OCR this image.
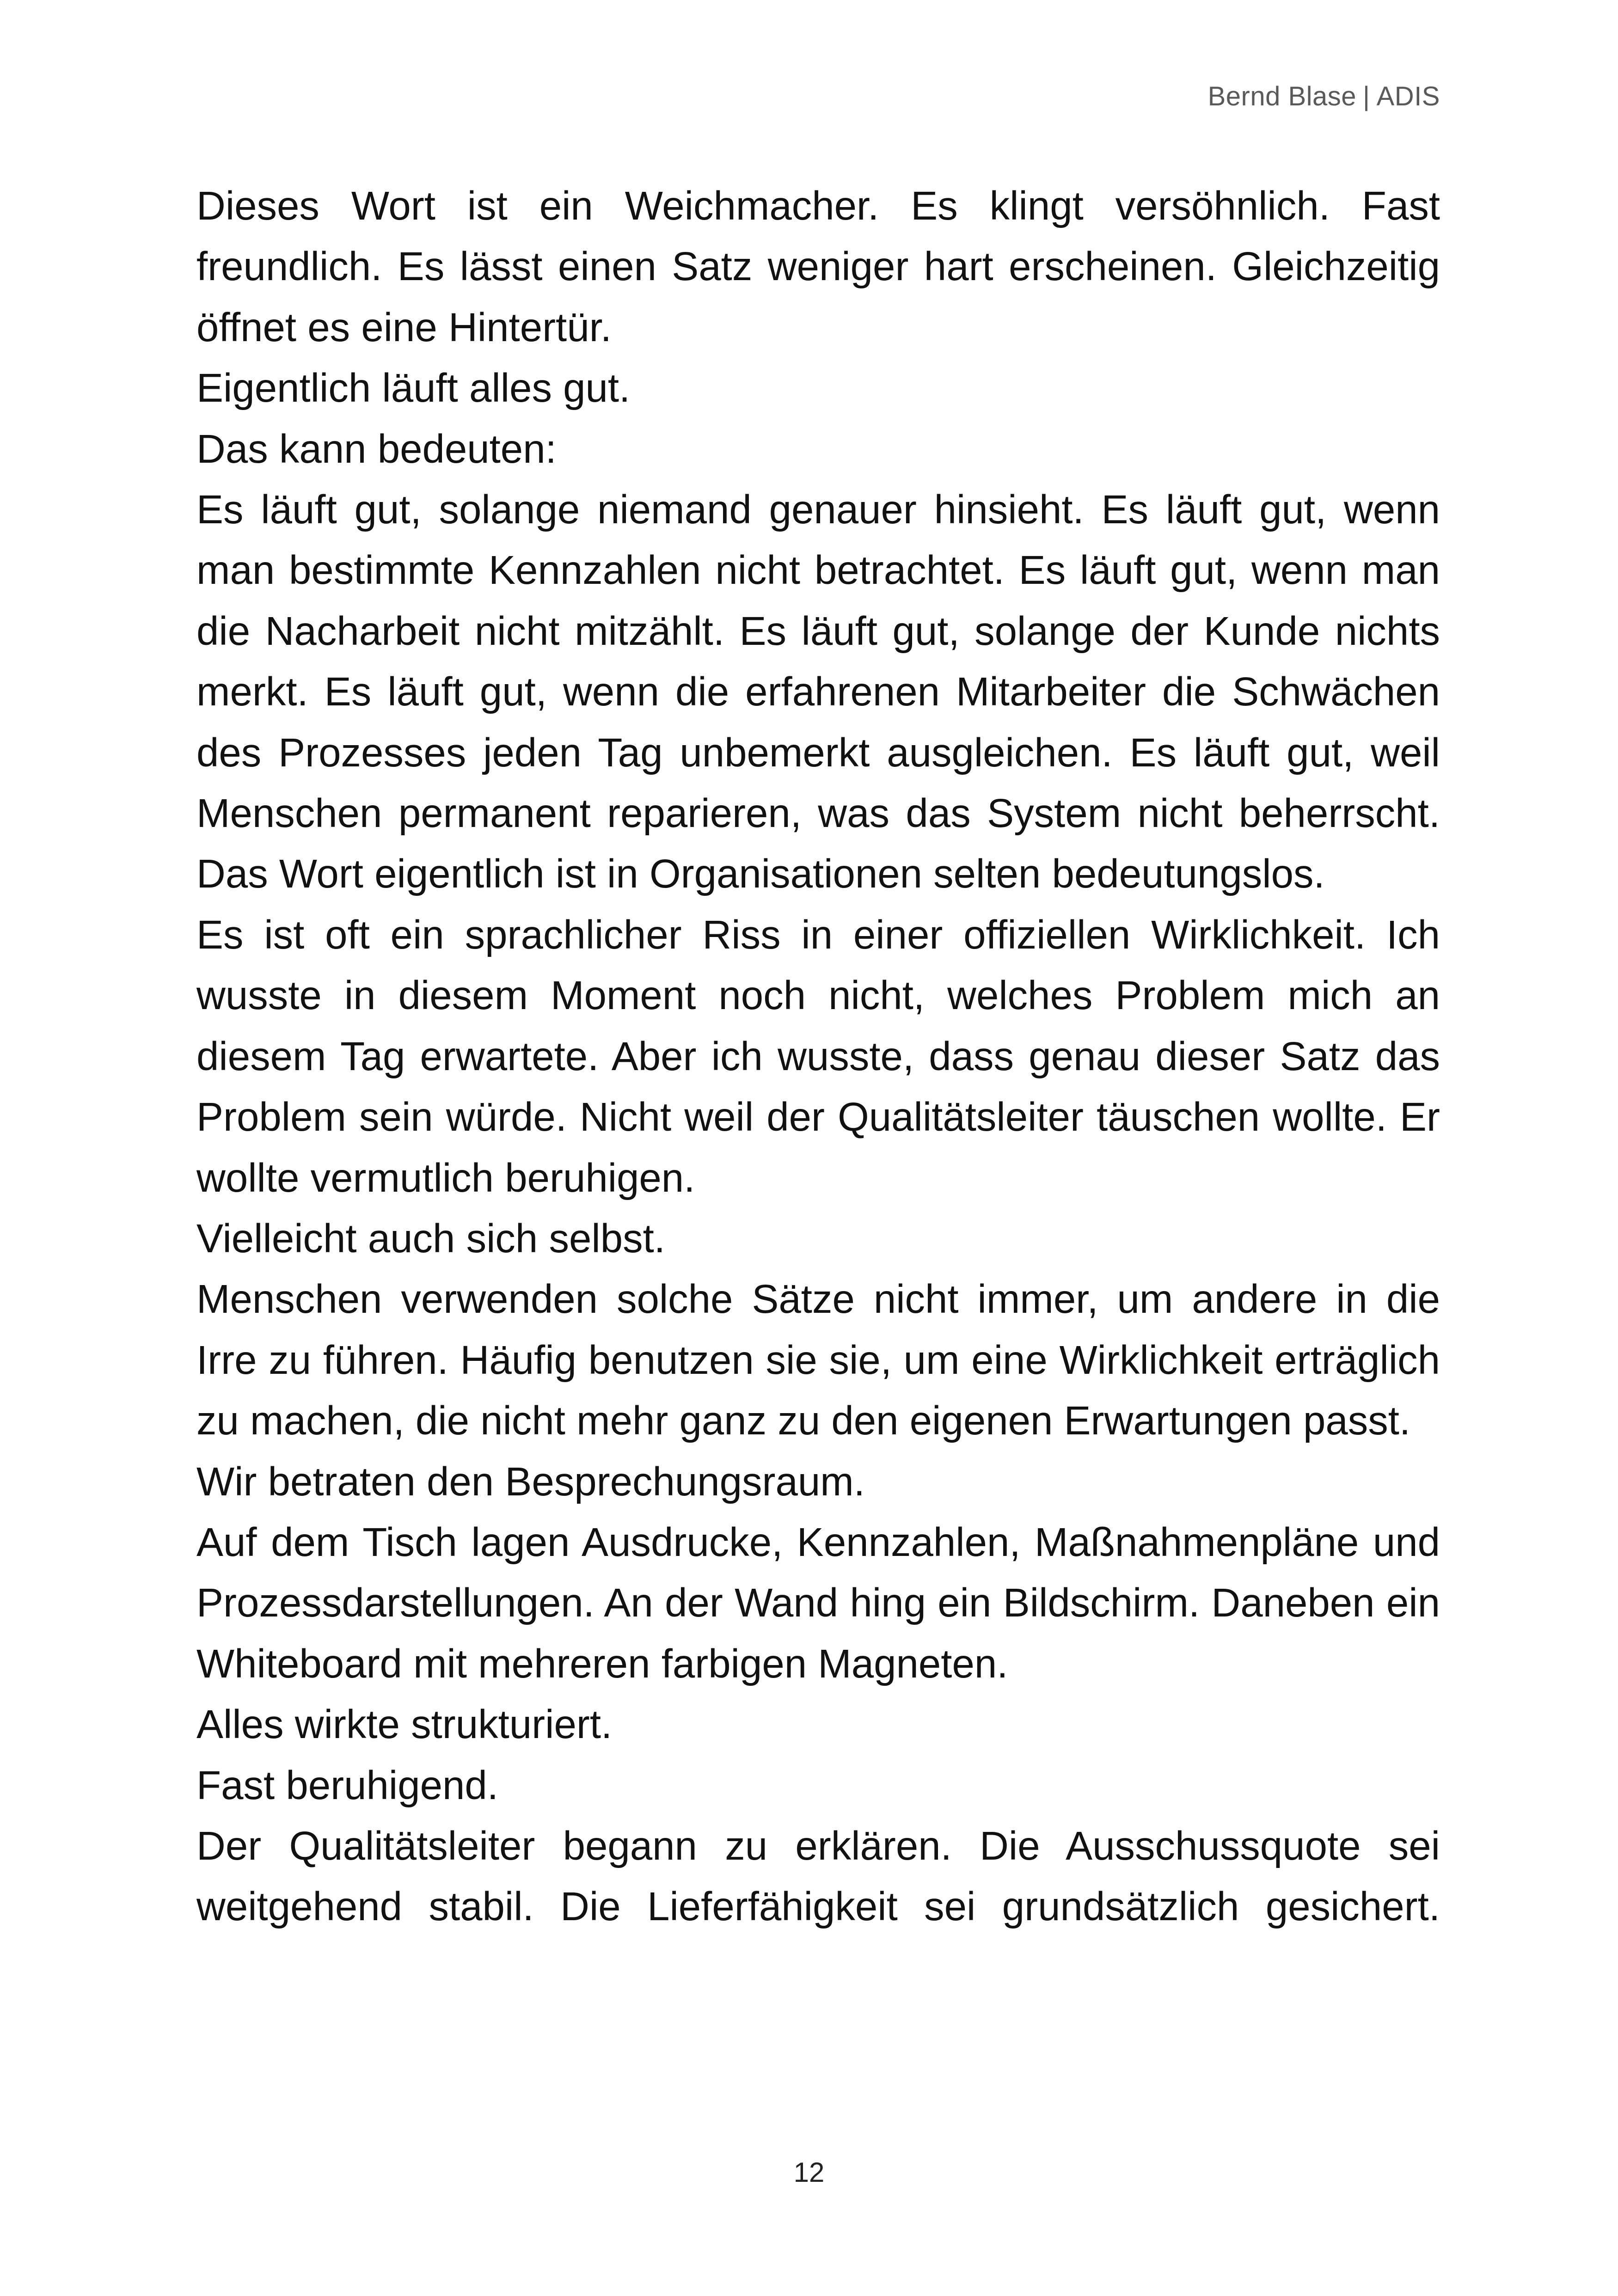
Bernd Blase | ADIS

Dieses Wort ist ein Weichmacher. Es klingt versöhnlich. Fast freundlich. Es lässt einen Satz weniger hart erscheinen. Gleichzeitig öffnet es eine Hintertür.

Eigentlich läuft alles gut.

Das kann bedeuten:

Es läuft gut, solange niemand genauer hinsieht. Es läuft gut, wenn man bestimmte Kennzahlen nicht betrachtet. Es läuft gut, wenn man die Nacharbeit nicht mitzählt. Es läuft gut, solange der Kunde nichts merkt. Es läuft gut, wenn die erfahrenen Mitarbeiter die Schwächen des Prozesses jeden Tag unbemerkt ausgleichen. Es läuft gut, weil Menschen permanent reparieren, was das System nicht beherrscht. Das Wort eigentlich ist in Organisationen selten bedeutungslos.

Es ist oft ein sprachlicher Riss in einer offiziellen Wirklichkeit. Ich wusste in diesem Moment noch nicht, welches Problem mich an diesem Tag erwartete. Aber ich wusste, dass genau dieser Satz das Problem sein würde. Nicht weil der Qualitätsleiter täuschen wollte. Er wollte vermutlich beruhigen.

Vielleicht auch sich selbst.

Menschen verwenden solche Sätze nicht immer, um andere in die Irre zu führen. Häufig benutzen sie sie, um eine Wirklichkeit erträglich zu machen, die nicht mehr ganz zu den eigenen Erwartungen passt.

Wir betraten den Besprechungsraum.

Auf dem Tisch lagen Ausdrucke, Kennzahlen, Maßnahmenpläne und Prozessdarstellungen. An der Wand hing ein Bildschirm. Daneben ein Whiteboard mit mehreren farbigen Magneten.

Alles wirkte strukturiert.

Fast beruhigend.

Der Qualitätsleiter begann zu erklären. Die Ausschussquote sei weitgehend stabil. Die Lieferfähigkeit sei grundsätzlich gesichert.

12
